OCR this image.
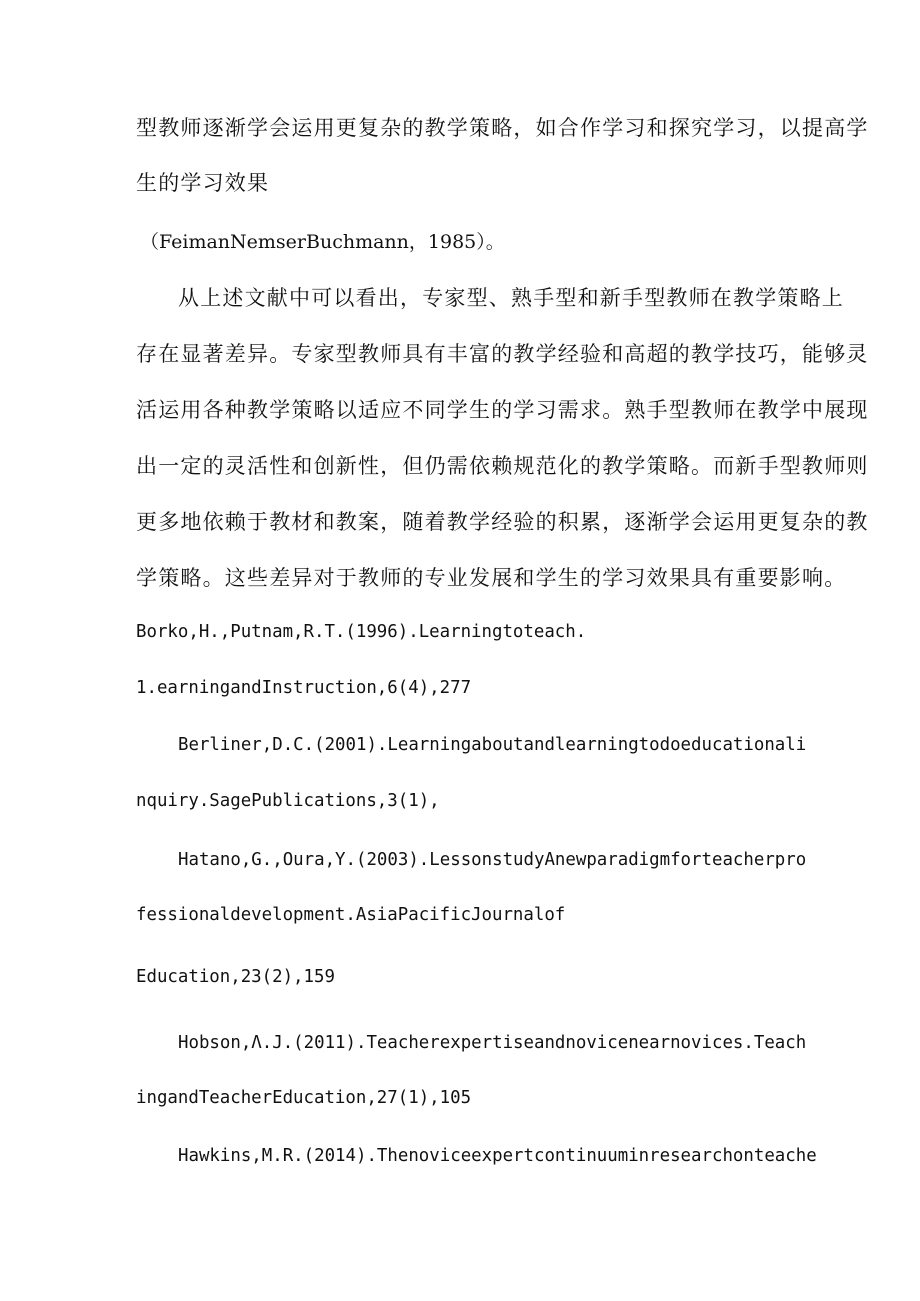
型教师逐渐学会运用更复杂的教学策略，如合作学习和探究学习，以提高学
生的学习效果
（FeimanNemserBuchmann，1985）。
从上述文献中可以看出，专家型、熟手型和新手型教师在教学策略上
存在显著差异。专家型教师具有丰富的教学经验和高超的教学技巧，能够灵
活运用各种教学策略以适应不同学生的学习需求。熟手型教师在教学中展现
出一定的灵活性和创新性，但仍需依赖规范化的教学策略。而新手型教师则
更多地依赖于教材和教案，随着教学经验的积累，逐渐学会运用更复杂的教
学策略。这些差异对于教师的专业发展和学生的学习效果具有重要影响。
Borko,H.,Putnam,R.T.(1996).Learningtoteach.
1.earningandInstruction,6(4),277
Berliner,D.C.(2001).Learningaboutandlearningtodoeducationali
nquiry.SagePublications,3(1),
Hatano,G.,Oura,Y.(2003).LessonstudyAnewparadigmforteacherpro
fessionaldevelopment.AsiaPacificJournalof
Education,23(2),159
Hobson,Λ.J.(2011).Teacherexpertiseandnovicenearnovices.Teach
ingandTeacherEducation,27(1),105
Hawkins,M.R.(2014).Thenoviceexpertcontinuuminresearchonteache
